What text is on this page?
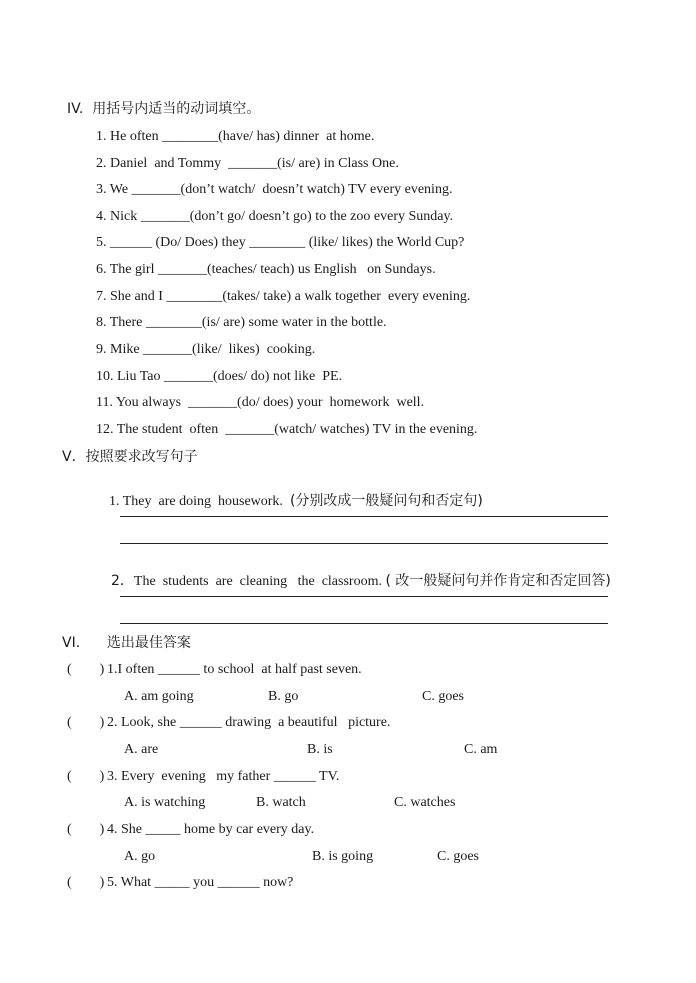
IV.  用括号内适当的动词填空。
1. He often ________(have/ has) dinner  at home.
2. Daniel  and Tommy  _______(is/ are) in Class One.
3. We _______(don’t watch/  doesn’t watch) TV every evening.
4. Nick _______(don’t go/ doesn’t go) to the zoo every Sunday.
5. ______ (Do/ Does) they ________ (like/ likes) the World Cup?
6. The girl _______(teaches/ teach) us English   on Sundays.
7. She and I ________(takes/ take) a walk together  every evening.
8. There ________(is/ are) some water in the bottle.
9. Mike _______(like/  likes)  cooking.
10. Liu Tao _______(does/ do) not like  PE.
11. You always  _______(do/ does) your  homework  well.
12. The student  often  _______(watch/ watches) TV in the evening.
V．按照要求改写句子

1. They  are doing  housework.  (分别改成一般疑问句和否定句)

2．The  students  are  cleaning   the  classroom. ( 改一般疑问句并作肯定和否定回答)

VI.      选出最佳答案
(        ) 1.I often ______ to school  at half past seven.
A. am going	B. go	C. goes
(        ) 2. Look, she ______ drawing  a beautiful   picture.
A. are	B. is	C. am
(        ) 3. Every  evening   my father ______ TV.
A. is watching	B. watch	C. watches
(        ) 4. She _____ home by car every day.
A. go	B. is going	C. goes
(        ) 5. What _____ you ______ now?
